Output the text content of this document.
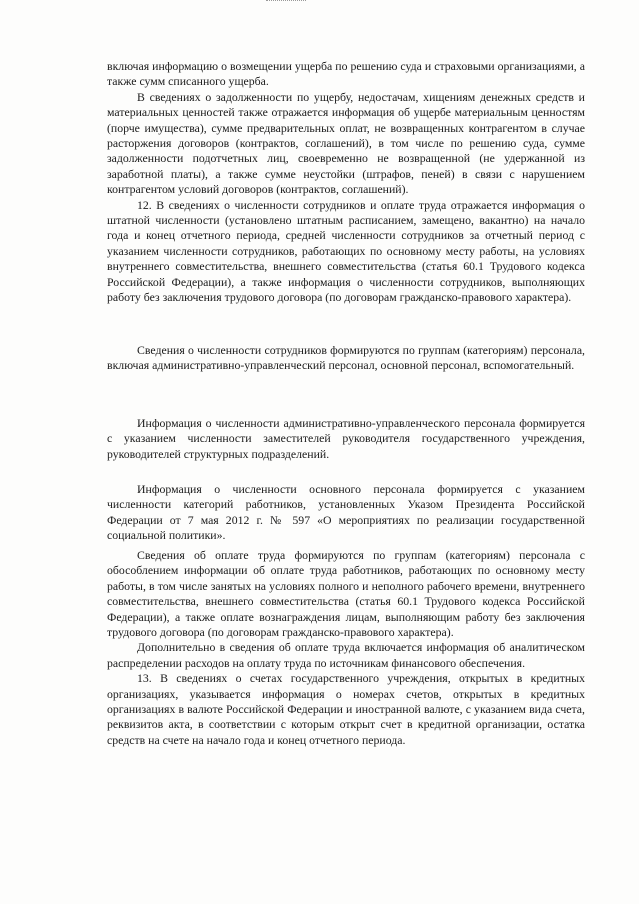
включая информацию о возмещении ущерба по решению суда и страховыми организациями, а также сумм списанного ущерба.

В сведениях о задолженности по ущербу, недостачам, хищениям денежных средств и материальных ценностей также отражается информация об ущербе материальным ценностям (порче имущества), сумме предварительных оплат, не возвращенных контрагентом в случае расторжения договоров (контрактов, соглашений), в том числе по решению суда, сумме задолженности подотчетных лиц, своевременно не возвращенной (не удержанной из заработной платы), а также сумме неустойки (штрафов, пеней) в связи с нарушением контрагентом условий договоров (контрактов, соглашений).

12. В сведениях о численности сотрудников и оплате труда отражается информация о штатной численности (установлено штатным расписанием, замещено, вакантно) на начало года и конец отчетного периода, средней численности сотрудников за отчетный период с указанием численности сотрудников, работающих по основному месту работы, на условиях внутреннего совместительства, внешнего совместительства (статья 60.1 Трудового кодекса Российской Федерации), а также информация о численности сотрудников, выполняющих работу без заключения трудового договора (по договорам гражданско-правового характера).

Сведения о численности сотрудников формируются по группам (категориям) персонала, включая административно-управленческий персонал, основной персонал, вспомогательный.

Информация о численности административно-управленческого персонала формируется с указанием численности заместителей руководителя государственного учреждения, руководителей структурных подразделений.

Информация о численности основного персонала формируется с указанием численности категорий работников, установленных Указом Президента Российской Федерации от 7 мая 2012 г. № 597 «О мероприятиях по реализации государственной социальной политики».

Сведения об оплате труда формируются по группам (категориям) персонала с обособлением информации об оплате труда работников, работающих по основному месту работы, в том числе занятых на условиях полного и неполного рабочего времени, внутреннего совместительства, внешнего совместительства (статья 60.1 Трудового кодекса Российской Федерации), а также оплате вознаграждения лицам, выполняющим работу без заключения трудового договора (по договорам гражданско-правового характера).

Дополнительно в сведения об оплате труда включается информация об аналитическом распределении расходов на оплату труда по источникам финансового обеспечения.

13. В сведениях о счетах государственного учреждения, открытых в кредитных организациях, указывается информация о номерах счетов, открытых в кредитных организациях в валюте Российской Федерации и иностранной валюте, с указанием вида счета, реквизитов акта, в соответствии с которым открыт счет в кредитной организации, остатка средств на счете на начало года и конец отчетного периода.
